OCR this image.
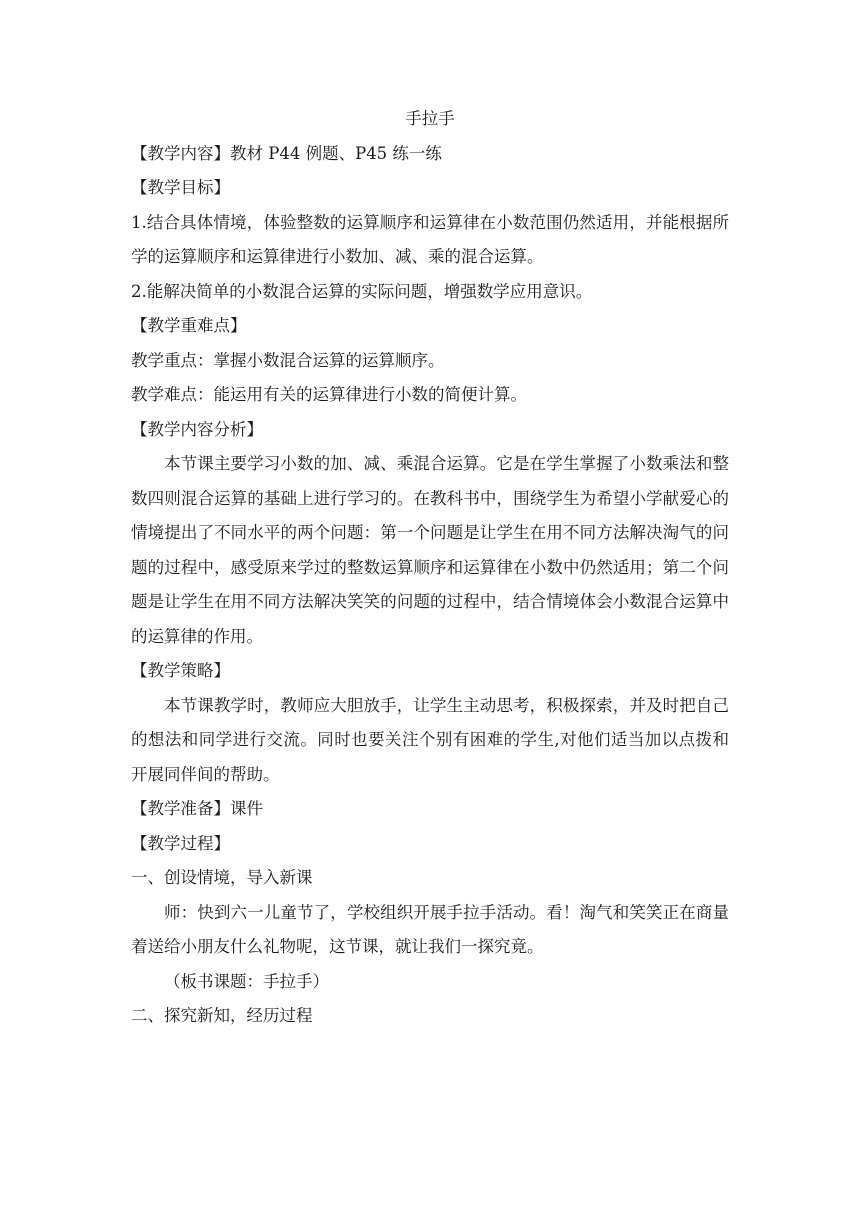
手拉手

【教学内容】教材 P44 例题、P45 练一练

【教学目标】

1.结合具体情境，体验整数的运算顺序和运算律在小数范围仍然适用，并能根据所学的运算顺序和运算律进行小数加、减、乘的混合运算。

2.能解决简单的小数混合运算的实际问题，增强数学应用意识。

【教学重难点】

教学重点：掌握小数混合运算的运算顺序。

教学难点：能运用有关的运算律进行小数的简便计算。

【教学内容分析】

本节课主要学习小数的加、减、乘混合运算。它是在学生掌握了小数乘法和整数四则混合运算的基础上进行学习的。在教科书中，围绕学生为希望小学献爱心的情境提出了不同水平的两个问题：第一个问题是让学生在用不同方法解决淘气的问题的过程中，感受原来学过的整数运算顺序和运算律在小数中仍然适用；第二个问题是让学生在用不同方法解决笑笑的问题的过程中，结合情境体会小数混合运算中的运算律的作用。

【教学策略】

本节课教学时，教师应大胆放手，让学生主动思考，积极探索，并及时把自己的想法和同学进行交流。同时也要关注个别有困难的学生,对他们适当加以点拨和开展同伴间的帮助。

【教学准备】课件

【教学过程】

一、创设情境，导入新课

师：快到六一儿童节了，学校组织开展手拉手活动。看！淘气和笑笑正在商量着送给小朋友什么礼物呢，这节课，就让我们一探究竟。

（板书课题：手拉手）

二、探究新知，经历过程
